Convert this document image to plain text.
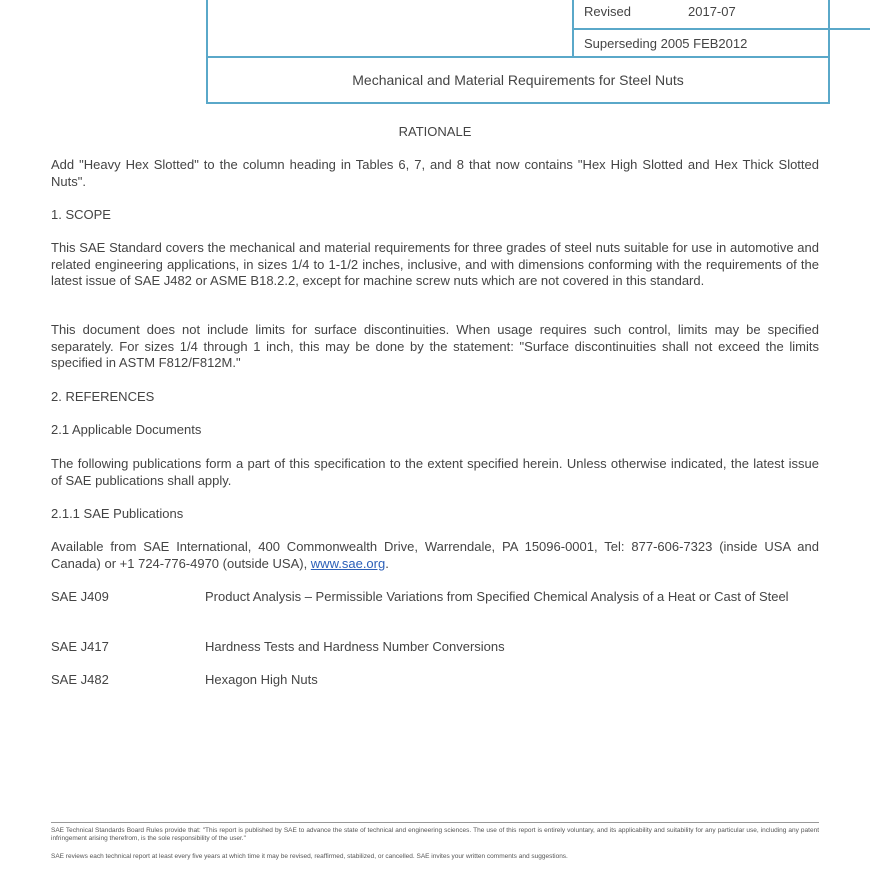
Revised	2017-07
Superseding 2005 FEB2012
Mechanical and Material Requirements for Steel Nuts
RATIONALE
Add "Heavy Hex Slotted" to the column heading in Tables 6, 7, and 8 that now contains "Hex High Slotted and Hex Thick Slotted Nuts".
1. SCOPE
This SAE Standard covers the mechanical and material requirements for three grades of steel nuts suitable for use in automotive and related engineering applications, in sizes 1/4 to 1-1/2 inches, inclusive, and with dimensions conforming with the requirements of the latest issue of SAE J482 or ASME B18.2.2, except for machine screw nuts which are not covered in this standard.
This document does not include limits for surface discontinuities. When usage requires such control, limits may be specified separately. For sizes 1/4 through 1 inch, this may be done by the statement: "Surface discontinuities shall not exceed the limits specified in ASTM F812/F812M."
2. REFERENCES
2.1 Applicable Documents
The following publications form a part of this specification to the extent specified herein. Unless otherwise indicated, the latest issue of SAE publications shall apply.
2.1.1 SAE Publications
Available from SAE International, 400 Commonwealth Drive, Warrendale, PA 15096-0001, Tel: 877-606-7323 (inside USA and Canada) or +1 724-776-4970 (outside USA), www.sae.org.
SAE J409	Product Analysis – Permissible Variations from Specified Chemical Analysis of a Heat or Cast of Steel
SAE J417	Hardness Tests and Hardness Number Conversions
SAE J482	Hexagon High Nuts
SAE Technical Standards Board Rules provide that: "This report is published by SAE to advance the state of technical and engineering sciences. The use of this report is entirely voluntary, and its applicability and suitability for any particular use, including any patent infringement arising therefrom, is the sole responsibility of the user."
SAE reviews each technical report at least every five years at which time it may be revised, reaffirmed, stabilized, or cancelled. SAE invites your written comments and suggestions.
